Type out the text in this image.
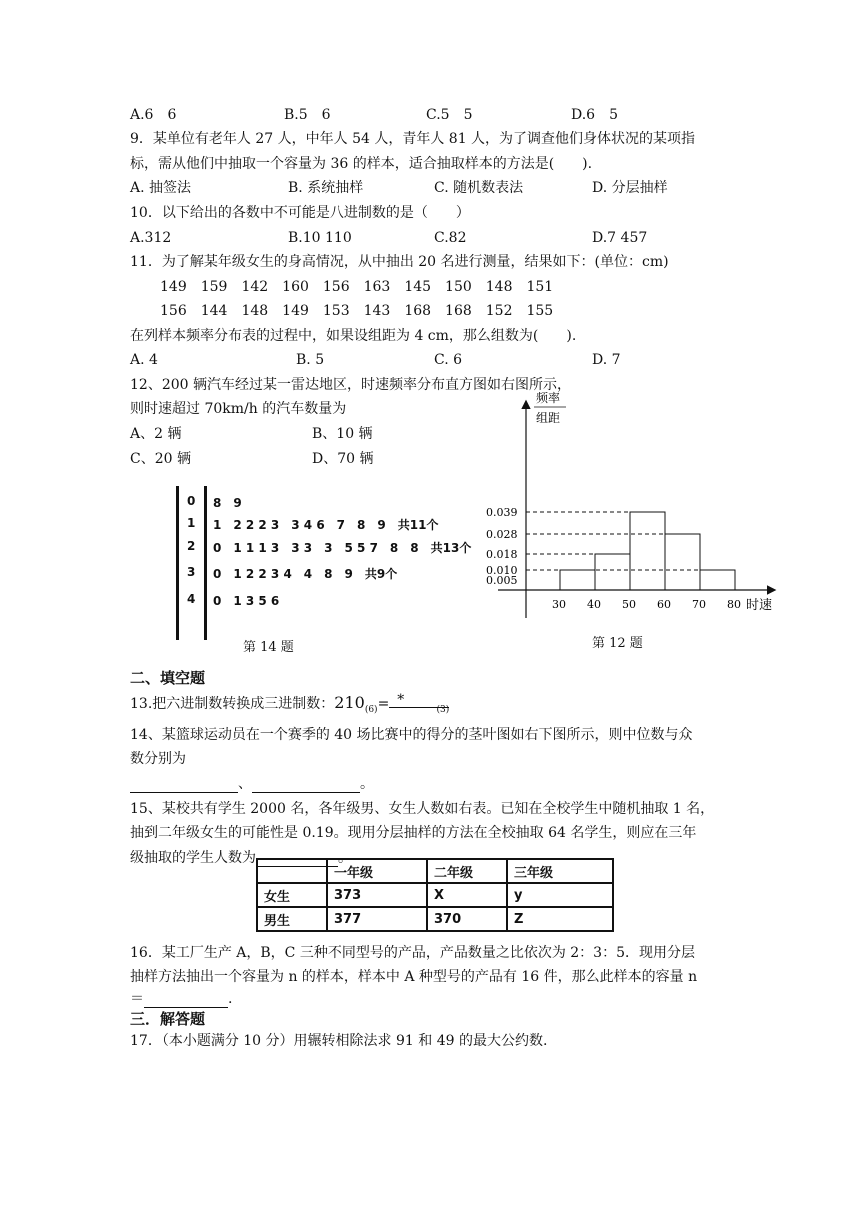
A.6　6	B.5　6	C.5　5	D.6　5
9．某单位有老年人 27 人，中年人 54 人，青年人 81 人，为了调查他们身体状况的某项指
标，需从他们中抽取一个容量为 36 的样本，适合抽取样本的方法是(　　).
A. 抽签法	B. 系统抽样	C. 随机数表法	D. 分层抽样
10．以下给出的各数中不可能是八进制数的是（　　）
A.312	B.10 110	C.82	D.7 457
11．为了解某年级女生的身高情况，从中抽出 20 名进行测量，结果如下：(单位：cm)
149　159　142　160　156　163　145　150　148　151
156　144　148　149　153　143　168　168　152　155
在列样本频率分布表的过程中，如果设组距为 4 cm，那么组数为(　　).
A. 4	B. 5	C. 6	D. 7
12、200 辆汽车经过某一雷达地区，时速频率分布直方图如右图所示，
则时速超过 70km/h 的汽车数量为
A、2 辆	B、10 辆
C、20 辆	D、70 辆
频率
组距
0.039
0.028
0.018
0.010
0.005
30 40 50 60 70 80 时速
第 12 题
0 8　9
1 1　2 2 2 3　3 4 6　7　8　9 共11个
2 0　1 1 1 3　3 3　3　5 5 7　8　8 共13个
3 0　1 2 2 3 4　4　8　9 共9个
4 0　1 3 5 6
第 14 题
二、填空题
13.把六进制数转换成三进制数：$210_{(6)}=$ *
(3)
14、某篮球运动员在一个赛季的 40 场比赛中的得分的茎叶图如右下图所示，则中位数与众
数分别为
、	。
15、某校共有学生 2000 名，各年级男、女生人数如右表。已知在全校学生中随机抽取 1 名，
抽到二年级女生的可能性是 0.19。现用分层抽样的方法在全校抽取 64 名学生，则应在三年
级抽取的学生人数为	。
	一年级	二年级	三年级
女生	373	X	y
男生	377	370	Z
16．某工厂生产 A，B，C 三种不同型号的产品，产品数量之比依次为 2：3：5．现用分层
抽样方法抽出一个容量为 n 的样本，样本中 A 种型号的产品有 16 件，那么此样本的容量 n
＝	.
三．解答题
17．（本小题满分 10 分）用辗转相除法求 91 和 49 的最大公约数.
